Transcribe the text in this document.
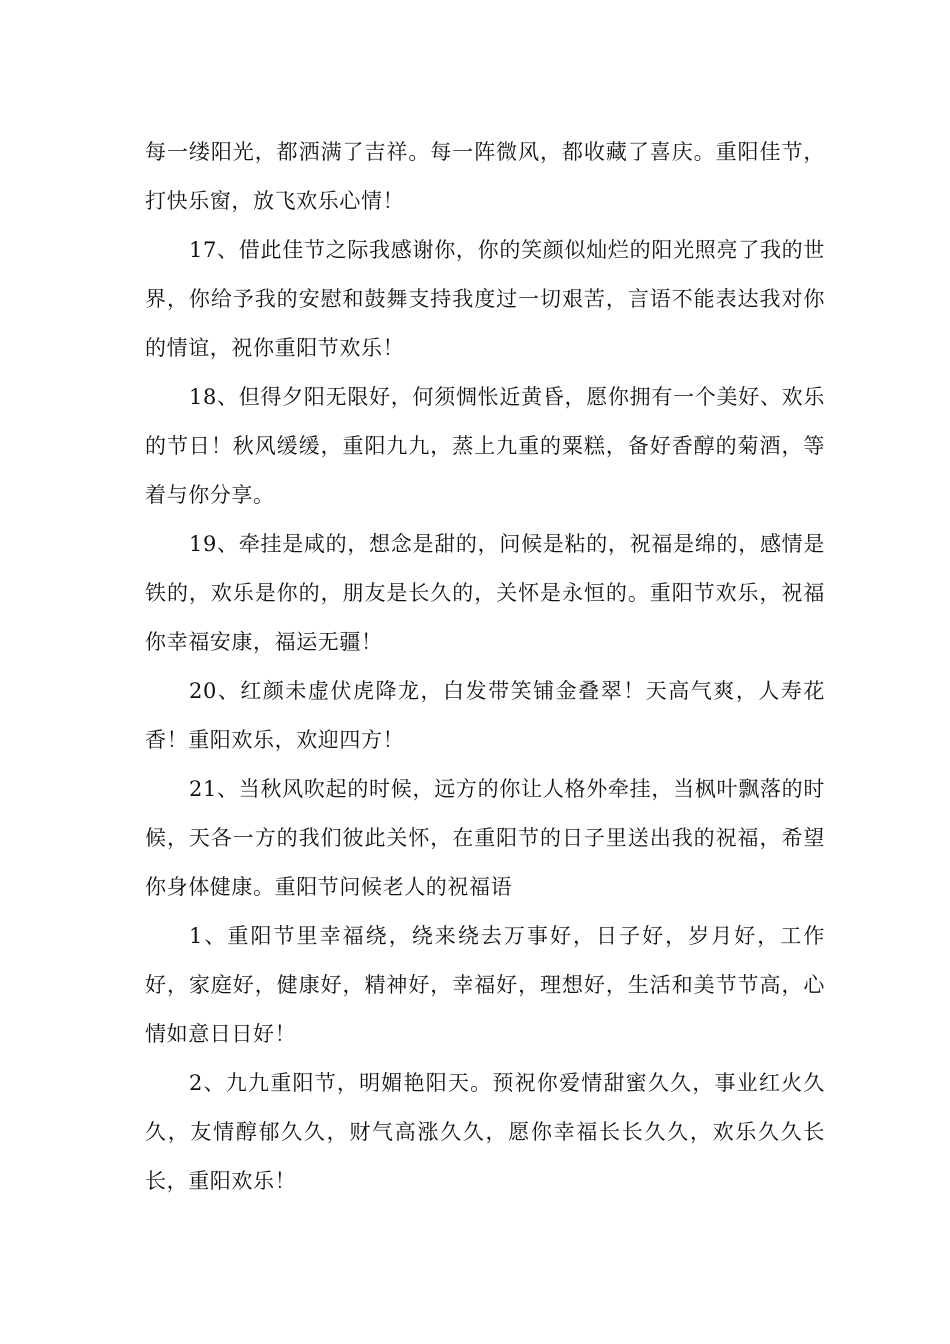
每一缕阳光，都洒满了吉祥。每一阵微风，都收藏了喜庆。重阳佳节，打快乐窗，放飞欢乐心情！

17、借此佳节之际我感谢你，你的笑颜似灿烂的阳光照亮了我的世界，你给予我的安慰和鼓舞支持我度过一切艰苦，言语不能表达我对你的情谊，祝你重阳节欢乐！

18、但得夕阳无限好，何须惆怅近黄昏，愿你拥有一个美好、欢乐的节日！秋风缓缓，重阳九九，蒸上九重的粟糕，备好香醇的菊酒，等着与你分享。

19、牵挂是咸的，想念是甜的，问候是粘的，祝福是绵的，感情是铁的，欢乐是你的，朋友是长久的，关怀是永恒的。重阳节欢乐，祝福你幸福安康，福运无疆！

20、红颜未虚伏虎降龙，白发带笑铺金叠翠！天高气爽，人寿花香！重阳欢乐，欢迎四方！

21、当秋风吹起的时候，远方的你让人格外牵挂，当枫叶飘落的时候，天各一方的我们彼此关怀，在重阳节的日子里送出我的祝福，希望你身体健康。重阳节问候老人的祝福语

1、重阳节里幸福绕，绕来绕去万事好，日子好，岁月好，工作好，家庭好，健康好，精神好，幸福好，理想好，生活和美节节高，心情如意日日好！

2、九九重阳节，明媚艳阳天。预祝你爱情甜蜜久久，事业红火久久，友情醇郁久久，财气高涨久久，愿你幸福长长久久，欢乐久久长长，重阳欢乐！
